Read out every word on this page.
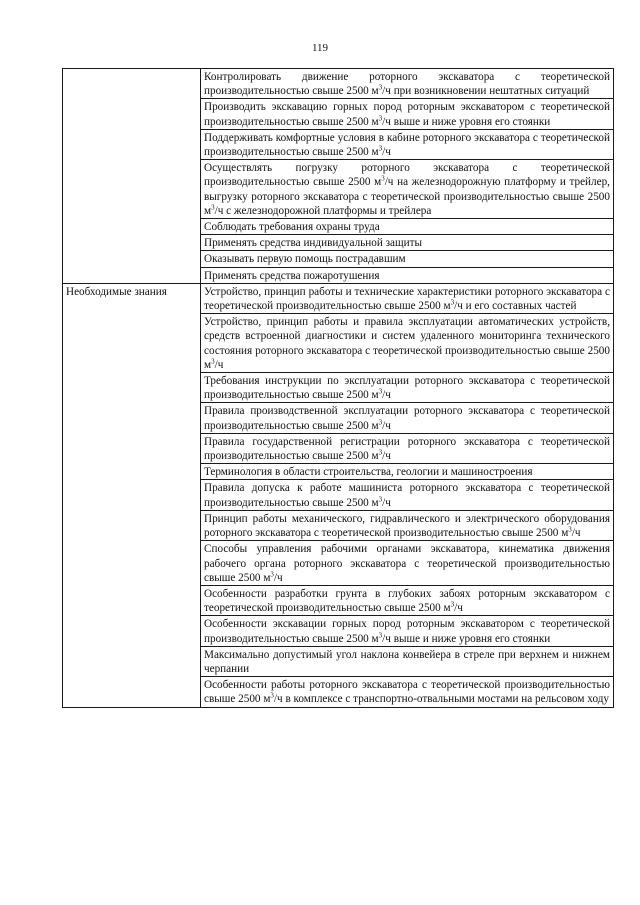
119
	Контролировать движение роторного экскаватора с теоретической производительностью свыше 2500 $м^3/ч$ при возникновении нештатных ситуаций
	Производить экскавацию горных пород роторным экскаватором с теоретической производительностью свыше 2500 $м^3/ч$ выше и ниже уровня его стоянки
	Поддерживать комфортные условия в кабине роторного экскаватора с теоретической производительностью свыше 2500 $м^3/ч$
	Осуществлять погрузку роторного экскаватора с теоретической производительностью свыше 2500 $м^3/ч$ на железнодорожную платформу и трейлер, выгрузку роторного экскаватора с теоретической производительностью свыше 2500 $м^3/ч$ с железнодорожной платформы и трейлера
	Соблюдать требования охраны труда
	Применять средства индивидуальной защиты
	Оказывать первую помощь пострадавшим
	Применять средства пожаротушения
Необходимые знания	Устройство, принцип работы и технические характеристики роторного экскаватора с теоретической производительностью свыше 2500 $м^3/ч$ и его составных частей
	Устройство, принцип работы и правила эксплуатации автоматических устройств, средств встроенной диагностики и систем удаленного мониторинга технического состояния роторного экскаватора с теоретической производительностью свыше 2500 $м^3/ч$
	Требования инструкции по эксплуатации роторного экскаватора с теоретической производительностью свыше 2500 $м^3/ч$
	Правила производственной эксплуатации роторного экскаватора с теоретической производительностью свыше 2500 $м^3/ч$
	Правила государственной регистрации роторного экскаватора с теоретической производительностью свыше 2500 $м^3/ч$
	Терминология в области строительства, геологии и машиностроения
	Правила допуска к работе машиниста роторного экскаватора с теоретической производительностью свыше 2500 $м^3/ч$
	Принцип работы механического, гидравлического и электрического оборудования роторного экскаватора с теоретической производительностью свыше 2500 $м^3/ч$
	Способы управления рабочими органами экскаватора, кинематика движения рабочего органа роторного экскаватора с теоретической производительностью свыше 2500 $м^3/ч$
	Особенности разработки грунта в глубоких забоях роторным экскаватором с теоретической производительностью свыше 2500 $м^3/ч$
	Особенности экскавации горных пород роторным экскаватором с теоретической производительностью свыше 2500 $м^3/ч$ выше и ниже уровня его стоянки
	Максимально допустимый угол наклона конвейера в стреле при верхнем и нижнем черпании
	Особенности работы роторного экскаватора с теоретической производительностью свыше 2500 $м^3/ч$ в комплексе с транспортно-отвальными мостами на рельсовом ходу
